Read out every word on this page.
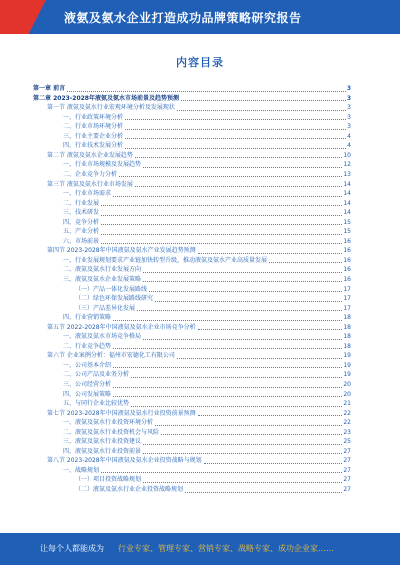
液氨及氨水企业打造成功品牌策略研究报告
内容目录
第一章 前言	3
第二章 2023-2028年液氨及氨水市场前景及趋势预测	3
第一节 液氨及氨水行业宏观环境分析及发展现状	3
一、行业政策环境分析	3
二、行业市场环境分析	3
三、行业主要企业分析	4
四、行业技术发展分析	4
第二节 液氨及氨水企业发展趋势	10
一、行业市场规模及发展趋势	12
二、企业竞争力分析	13
第三节 液氨及氨水行业市场发展	14
一、行业市场需求	14
二、行业发展	14
三、技术研发	14
四、竞争分析	15
五、产业分析	15
六、市场前景	16
第四节 2023-2028年中国液氨及氨水产业发展趋势预测	16
一、行业发展规划要求产业链加快转型升级，推动液氨及氨水产业高质量发展	16
二、液氨及氨水行业发展方向	16
三、液氨及氨水企业发展策略	16
（一）产品一体化发展路线	17
（二）绿色环保发展路线研究	17
（三）产品差异化发展	17
四、行业营销策略	18
第五节 2022-2028年中国液氨及氨水企业市场竞争分析	18
一、液氨及氨水市场竞争格局	18
二、行业竞争趋势	18
第六节 企业案例分析：福州市宏德化工有限公司	19
一、公司基本介绍	19
二、公司产品及业务分析	19
三、公司经营分析	20
四、公司发展策略	20
五、与同行企业比较优势	21
第七节 2023-2028年中国液氨及氨水行业投资前景预测	22
一、液氨及氨水行业投资环境分析	22
二、液氨及氨水行业投资机会与风险	23
三、液氨及氨水行业投资建议	25
四、液氨及氨水行业投资前景	27
第八节 2023-2028年中国液氨及氨水企业投资战略与规划	27
一、战略规划	27
（一）项目投资战略规划	27
（二）液氨及氨水行业企业投资战略规划	27
让每个人都能成为 行业专家、管理专家、营销专家、战略专家、成功企业家……
